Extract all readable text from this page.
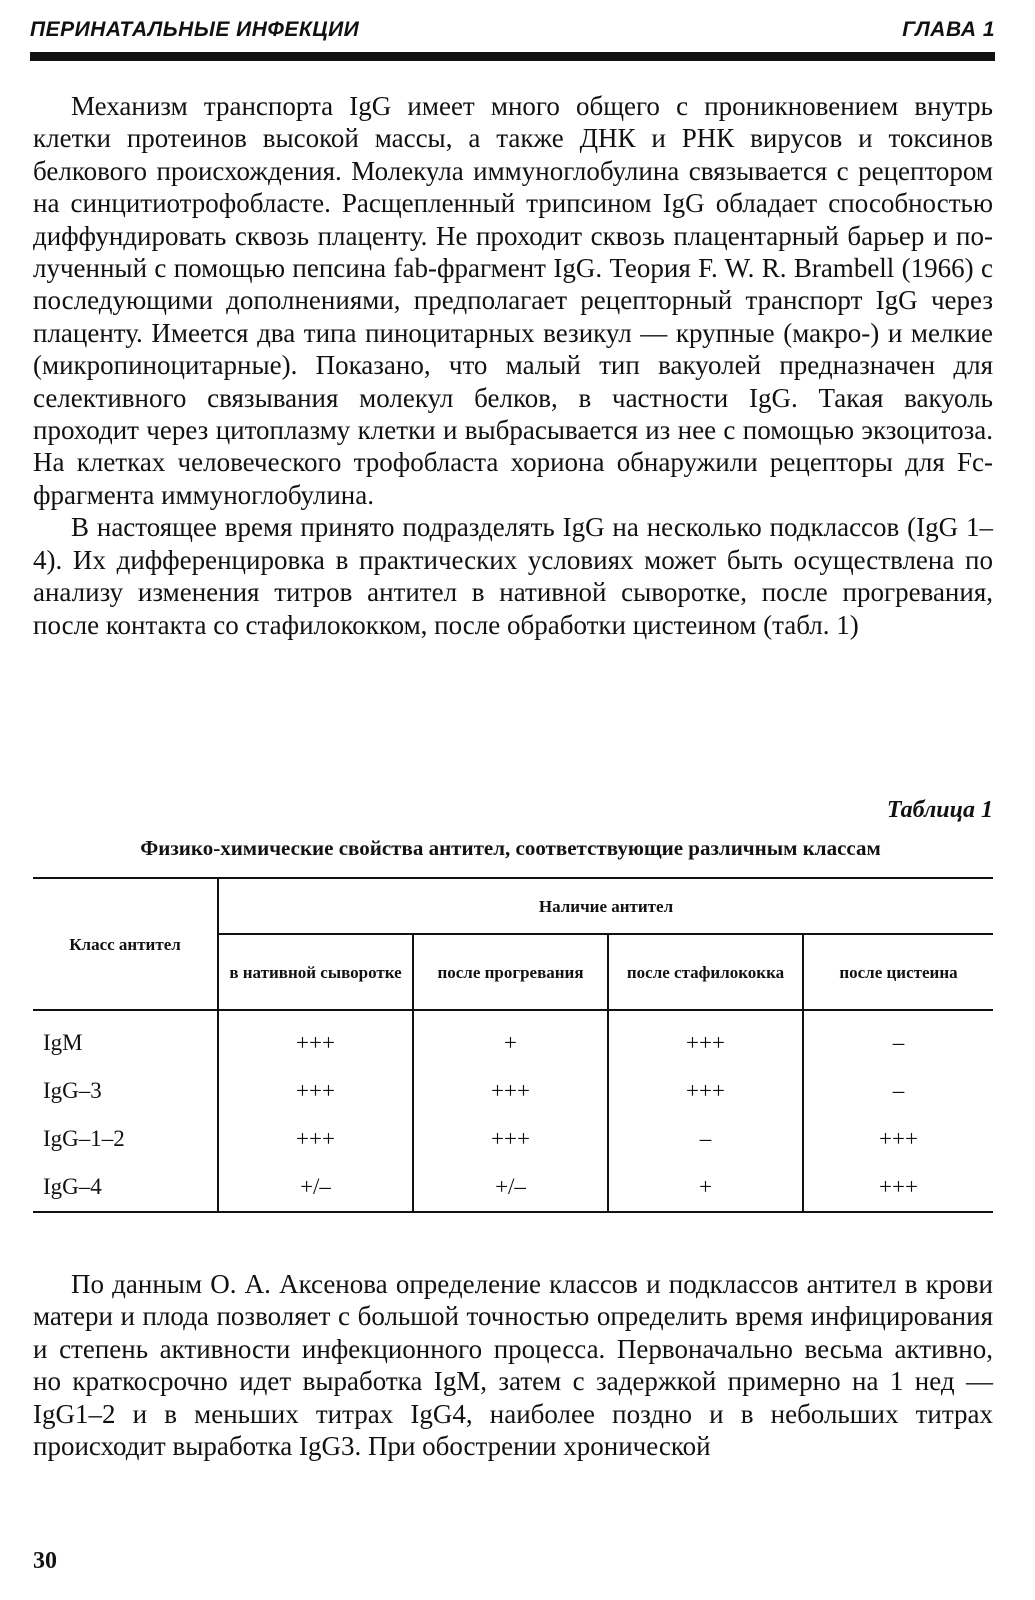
ПЕРИНАТАЛЬНЫЕ ИНФЕКЦИИ	ГЛАВА 1

Механизм транспорта IgG имеет много общего с проникновением внутрь клетки протеинов высокой массы, а также ДНК и РНК вирусов и токсинов белкового происхождения. Молекула иммуноглобулина связывается с рецептором на синцитиотрофобласте. Расщепленный трипсином IgG обладает способностью диффундировать сквозь плаценту. Не проходит сквозь плацентарный барьер и полученный с помощью пепсина fab-фрагмент IgG. Теория F. W. R. Brambell (1966) с последующими дополнениями, предполагает рецепторный транспорт IgG через плаценту. Имеется два типа пиноцитарных везикул — крупные (макро-) и мелкие (микропиноцитарные). Показано, что малый тип вакуолей предназначен для селективного связывания молекул белков, в частности IgG. Такая вакуоль проходит через цитоплазму клетки и выбрасывается из нее с помощью экзоцитоза. На клетках человеческого трофобласта хориона обнаружили рецепторы для Fc-фрагмента иммуноглобулина.

В настоящее время принято подразделять IgG на несколько подклассов (IgG 1–4). Их дифференцировка в практических условиях может быть осуществлена по анализу изменения титров антител в нативной сыворотке, после прогревания, после контакта со стафилококком, после обработки цистеином (табл. 1)

Таблица 1
Физико-химические свойства антител, соответствующие различным классам
Класс антител	Наличие антител			
	в нативной сыворотке	после прогревания	после стафилококка	после цистеина
IgM	+++	+	+++	–
IgG–3	+++	+++	+++	–
IgG–1–2	+++	+++	–	+++
IgG–4	+/–	+/–	+	+++

По данным О. А. Аксенова определение классов и подклассов антител в крови матери и плода позволяет с большой точностью определить время инфицирования и степень активности инфекционного процесса. Первоначально весьма активно, но краткосрочно идет выработка IgM, затем с задержкой примерно на 1 нед — IgG1–2 и в меньших титрах IgG4, наиболее поздно и в небольших титрах происходит выработка IgG3. При обострении хронической

30
